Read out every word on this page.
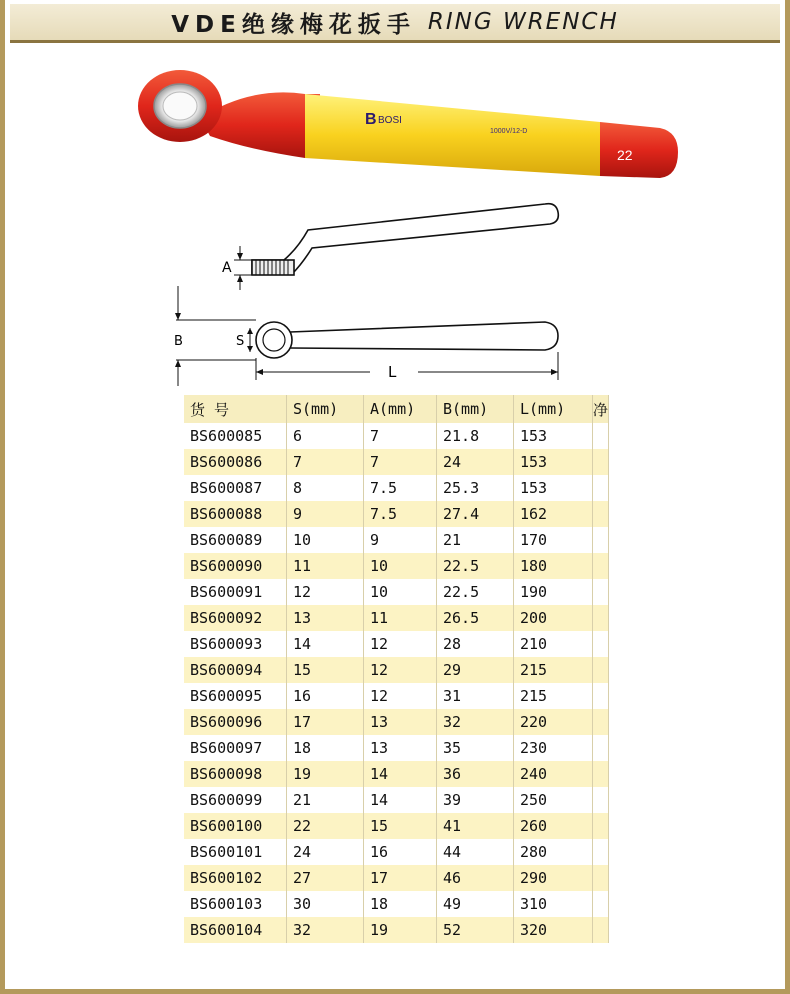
VDE绝缘梅花扳手 RING WRENCH
B BOSI
1000V/12-D
22
A
B	S
L
货 号	S(mm)	A(mm)	B(mm)	L(mm)	净
BS600085	6	7	21.8	153	
BS600086	7	7	24	153	
BS600087	8	7.5	25.3	153	
BS600088	9	7.5	27.4	162	
BS600089	10	9	21	170	
BS600090	11	10	22.5	180	
BS600091	12	10	22.5	190	
BS600092	13	11	26.5	200	
BS600093	14	12	28	210	
BS600094	15	12	29	215	
BS600095	16	12	31	215	
BS600096	17	13	32	220	
BS600097	18	13	35	230	
BS600098	19	14	36	240	
BS600099	21	14	39	250	
BS600100	22	15	41	260	
BS600101	24	16	44	280	
BS600102	27	17	46	290	
BS600103	30	18	49	310	
BS600104	32	19	52	320	
